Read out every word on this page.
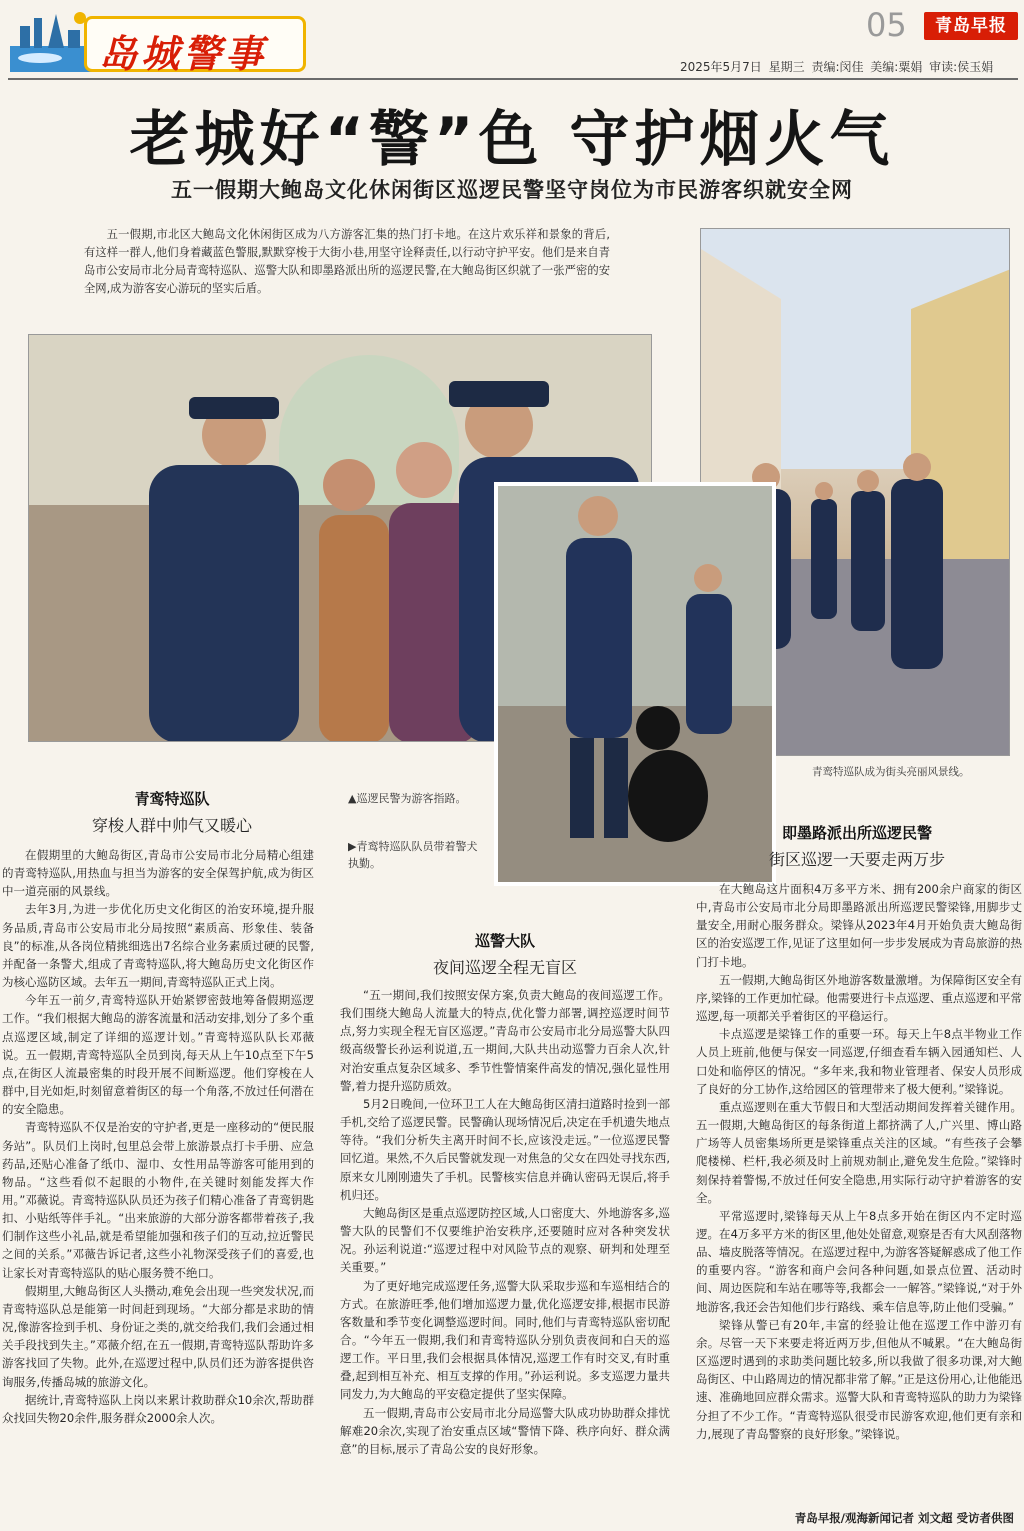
岛城警事
05	青岛早报
2025年5月7日 星期三 责编:闵佳 美编:粟娟 审读:侯玉娟
老城好“警”色 守护烟火气
五一假期大鲍岛文化休闲街区巡逻民警坚守岗位为市民游客织就安全网

五一假期,市北区大鲍岛文化休闲街区成为八方游客汇集的热门打卡地。在这片欢乐祥和景象的背后,有这样一群人,他们身着藏蓝色警服,默默穿梭于大街小巷,用坚守诠释责任,以行动守护平安。他们是来自青岛市公安局市北分局青鸾特巡队、巡警大队和即墨路派出所的巡逻民警,在大鲍岛街区织就了一张严密的安全网,成为游客安心游玩的坚实后盾。

▲巡逻民警为游客指路。
▶青鸾特巡队队员带着警犬执勤。
青鸾特巡队成为街头亮丽风景线。
青鸾特巡队
穿梭人群中帅气又暖心

在假期里的大鲍岛街区,青岛市公安局市北分局精心组建的青鸾特巡队,用热血与担当为游客的安全保驾护航,成为街区中一道亮丽的风景线。

去年3月,为进一步优化历史文化街区的治安环境,提升服务品质,青岛市公安局市北分局按照“素质高、形象佳、装备良”的标准,从各岗位精挑细选出7名综合业务素质过硬的民警,并配备一条警犬,组成了青鸾特巡队,将大鲍岛历史文化街区作为核心巡防区域。去年五一期间,青鸾特巡队正式上岗。

今年五一前夕,青鸾特巡队开始紧锣密鼓地筹备假期巡逻工作。“我们根据大鲍岛的游客流量和活动安排,划分了多个重点巡逻区域,制定了详细的巡逻计划。”青鸾特巡队队长邓薇说。五一假期,青鸾特巡队全员到岗,每天从上午10点至下午5点,在街区人流最密集的时段开展不间断巡逻。他们穿梭在人群中,目光如炬,时刻留意着街区的每一个角落,不放过任何潜在的安全隐患。

青鸾特巡队不仅是治安的守护者,更是一座移动的“便民服务站”。队员们上岗时,包里总会带上旅游景点打卡手册、应急药品,还贴心准备了纸巾、湿巾、女性用品等游客可能用到的物品。“这些看似不起眼的小物件,在关键时刻能发挥大作用。”邓薇说。青鸾特巡队队员还为孩子们精心准备了青鸾钥匙扣、小贴纸等伴手礼。“出来旅游的大部分游客都带着孩子,我们制作这些小礼品,就是希望能加强和孩子们的互动,拉近警民之间的关系。”邓薇告诉记者,这些小礼物深受孩子们的喜爱,也让家长对青鸾特巡队的贴心服务赞不绝口。

假期里,大鲍岛街区人头攒动,难免会出现一些突发状况,而青鸾特巡队总是能第一时间赶到现场。“大部分都是求助的情况,像游客捡到手机、身份证之类的,就交给我们,我们会通过相关手段找到失主。”邓薇介绍,在五一假期,青鸾特巡队帮助许多游客找回了失物。此外,在巡逻过程中,队员们还为游客提供咨询服务,传播岛城的旅游文化。

据统计,青鸾特巡队上岗以来累计救助群众10余次,帮助群众找回失物20余件,服务群众2000余人次。

巡警大队
夜间巡逻全程无盲区

“五一期间,我们按照安保方案,负责大鲍岛的夜间巡逻工作。我们围绕大鲍岛人流量大的特点,优化警力部署,调控巡逻时间节点,努力实现全程无盲区巡逻。”青岛市公安局市北分局巡警大队四级高级警长孙运利说道,五一期间,大队共出动巡警力百余人次,针对治安重点复杂区域多、季节性警情案件高发的情况,强化显性用警,着力提升巡防质效。

5月2日晚间,一位环卫工人在大鲍岛街区清扫道路时捡到一部手机,交给了巡逻民警。民警确认现场情况后,决定在手机遗失地点等待。“我们分析失主离开时间不长,应该没走远。”一位巡逻民警回忆道。果然,不久后民警就发现一对焦急的父女在四处寻找东西,原来女儿刚刚遗失了手机。民警核实信息并确认密码无误后,将手机归还。

大鲍岛街区是重点巡逻防控区域,人口密度大、外地游客多,巡警大队的民警们不仅要维护治安秩序,还要随时应对各种突发状况。孙运利说道:“巡逻过程中对风险节点的观察、研判和处理至关重要。”

为了更好地完成巡逻任务,巡警大队采取步巡和车巡相结合的方式。在旅游旺季,他们增加巡逻力量,优化巡逻安排,根据市民游客数量和季节变化调整巡逻时间。同时,他们与青鸾特巡队密切配合。“今年五一假期,我们和青鸾特巡队分别负责夜间和白天的巡逻工作。平日里,我们会根据具体情况,巡逻工作有时交叉,有时重叠,起到相互补充、相互支撑的作用。”孙运利说。多支巡逻力量共同发力,为大鲍岛的平安稳定提供了坚实保障。

五一假期,青岛市公安局市北分局巡警大队成功协助群众排忧解难20余次,实现了治安重点区域“警情下降、秩序向好、群众满意”的目标,展示了青岛公安的良好形象。

即墨路派出所巡逻民警
街区巡逻一天要走两万步

在大鲍岛这片面积4万多平方米、拥有200余户商家的街区中,青岛市公安局市北分局即墨路派出所巡逻民警梁锋,用脚步丈量安全,用耐心服务群众。梁锋从2023年4月开始负责大鲍岛街区的治安巡逻工作,见证了这里如何一步步发展成为青岛旅游的热门打卡地。

五一假期,大鲍岛街区外地游客数量激增。为保障街区安全有序,梁锋的工作更加忙碌。他需要进行卡点巡逻、重点巡逻和平常巡逻,每一项都关乎着街区的平稳运行。

卡点巡逻是梁锋工作的重要一环。每天上午8点半物业工作人员上班前,他便与保安一同巡逻,仔细查看车辆入园通知栏、人口处和临停区的情况。“多年来,我和物业管理者、保安人员形成了良好的分工协作,这给园区的管理带来了极大便利。”梁锋说。

重点巡逻则在重大节假日和大型活动期间发挥着关键作用。五一假期,大鲍岛街区的每条街道上都挤满了人,广兴里、博山路广场等人员密集场所更是梁锋重点关注的区域。“有些孩子会攀爬楼梯、栏杆,我必须及时上前规劝制止,避免发生危险。”梁锋时刻保持着警惕,不放过任何安全隐患,用实际行动守护着游客的安全。

平常巡逻时,梁锋每天从上午8点多开始在街区内不定时巡逻。在4万多平方米的街区里,他处处留意,观察是否有大风刮落物品、墙皮脱落等情况。在巡逻过程中,为游客答疑解惑成了他工作的重要内容。“游客和商户会问各种问题,如景点位置、活动时间、周边医院和车站在哪等等,我都会一一解答。”梁锋说,“对于外地游客,我还会告知他们步行路线、乘车信息等,防止他们受骗。”

梁锋从警已有20年,丰富的经验让他在巡逻工作中游刃有余。尽管一天下来要走将近两万步,但他从不喊累。“在大鲍岛街区巡逻时遇到的求助类问题比较多,所以我做了很多功课,对大鲍岛街区、中山路周边的情况都非常了解。”正是这份用心,让他能迅速、准确地回应群众需求。巡警大队和青鸾特巡队的助力为梁锋分担了不少工作。“青鸾特巡队很受市民游客欢迎,他们更有亲和力,展现了青岛警察的良好形象。”梁锋说。

青岛早报/观海新闻记者 刘文超 受访者供图
